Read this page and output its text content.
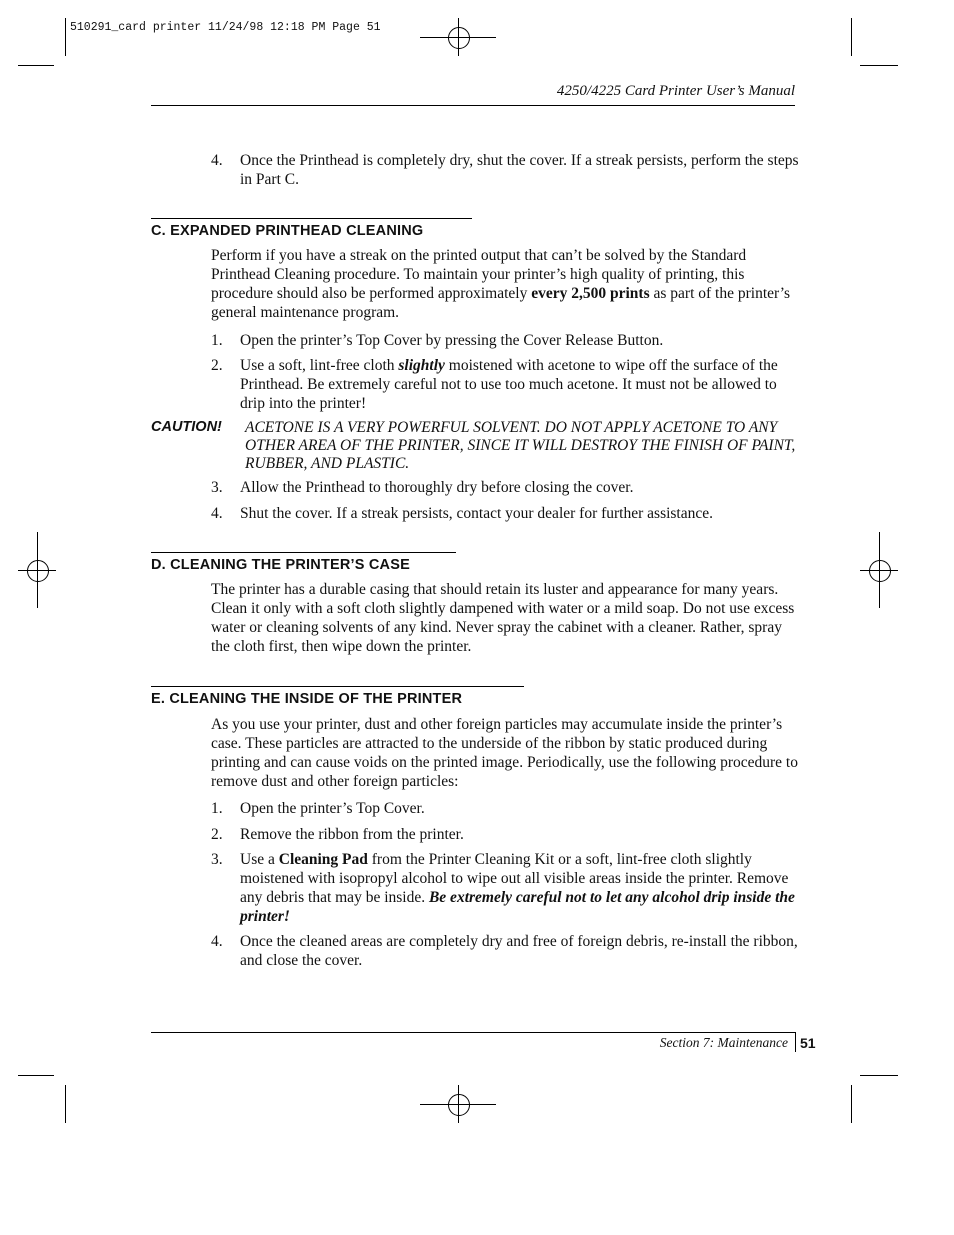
510291_card printer 11/24/98 12:18 PM Page 51
4250/4225 Card Printer User’s Manual
4. Once the Printhead is completely dry, shut the cover. If a streak persists, perform the steps in Part C.
C. EXPANDED PRINTHEAD CLEANING
Perform if you have a streak on the printed output that can’t be solved by the Standard Printhead Cleaning procedure. To maintain your printer’s high quality of printing, this procedure should also be performed approximately every 2,500 prints as part of the printer’s general maintenance program.
1. Open the printer’s Top Cover by pressing the Cover Release Button.
2. Use a soft, lint-free cloth slightly moistened with acetone to wipe off the surface of the Printhead. Be extremely careful not to use too much acetone. It must not be allowed to drip into the printer!
CAUTION! ACETONE IS A VERY POWERFUL SOLVENT. DO NOT APPLY ACETONE TO ANY OTHER AREA OF THE PRINTER, SINCE IT WILL DESTROY THE FINISH OF PAINT, RUBBER, AND PLASTIC.
3. Allow the Printhead to thoroughly dry before closing the cover.
4. Shut the cover. If a streak persists, contact your dealer for further assistance.
D. CLEANING THE PRINTER’S CASE
The printer has a durable casing that should retain its luster and appearance for many years. Clean it only with a soft cloth slightly dampened with water or a mild soap. Do not use excess water or cleaning solvents of any kind. Never spray the cabinet with a cleaner. Rather, spray the cloth first, then wipe down the printer.
E. CLEANING THE INSIDE OF THE PRINTER
As you use your printer, dust and other foreign particles may accumulate inside the printer’s case. These particles are attracted to the underside of the ribbon by static produced during printing and can cause voids on the printed image. Periodically, use the following procedure to remove dust and other foreign particles:
1. Open the printer’s Top Cover.
2. Remove the ribbon from the printer.
3. Use a Cleaning Pad from the Printer Cleaning Kit or a soft, lint-free cloth slightly moistened with isopropyl alcohol to wipe out all visible areas inside the printer. Remove any debris that may be inside. Be extremely careful not to let any alcohol drip inside the printer!
4. Once the cleaned areas are completely dry and free of foreign debris, re-install the ribbon, and close the cover.
Section 7: Maintenance 51
